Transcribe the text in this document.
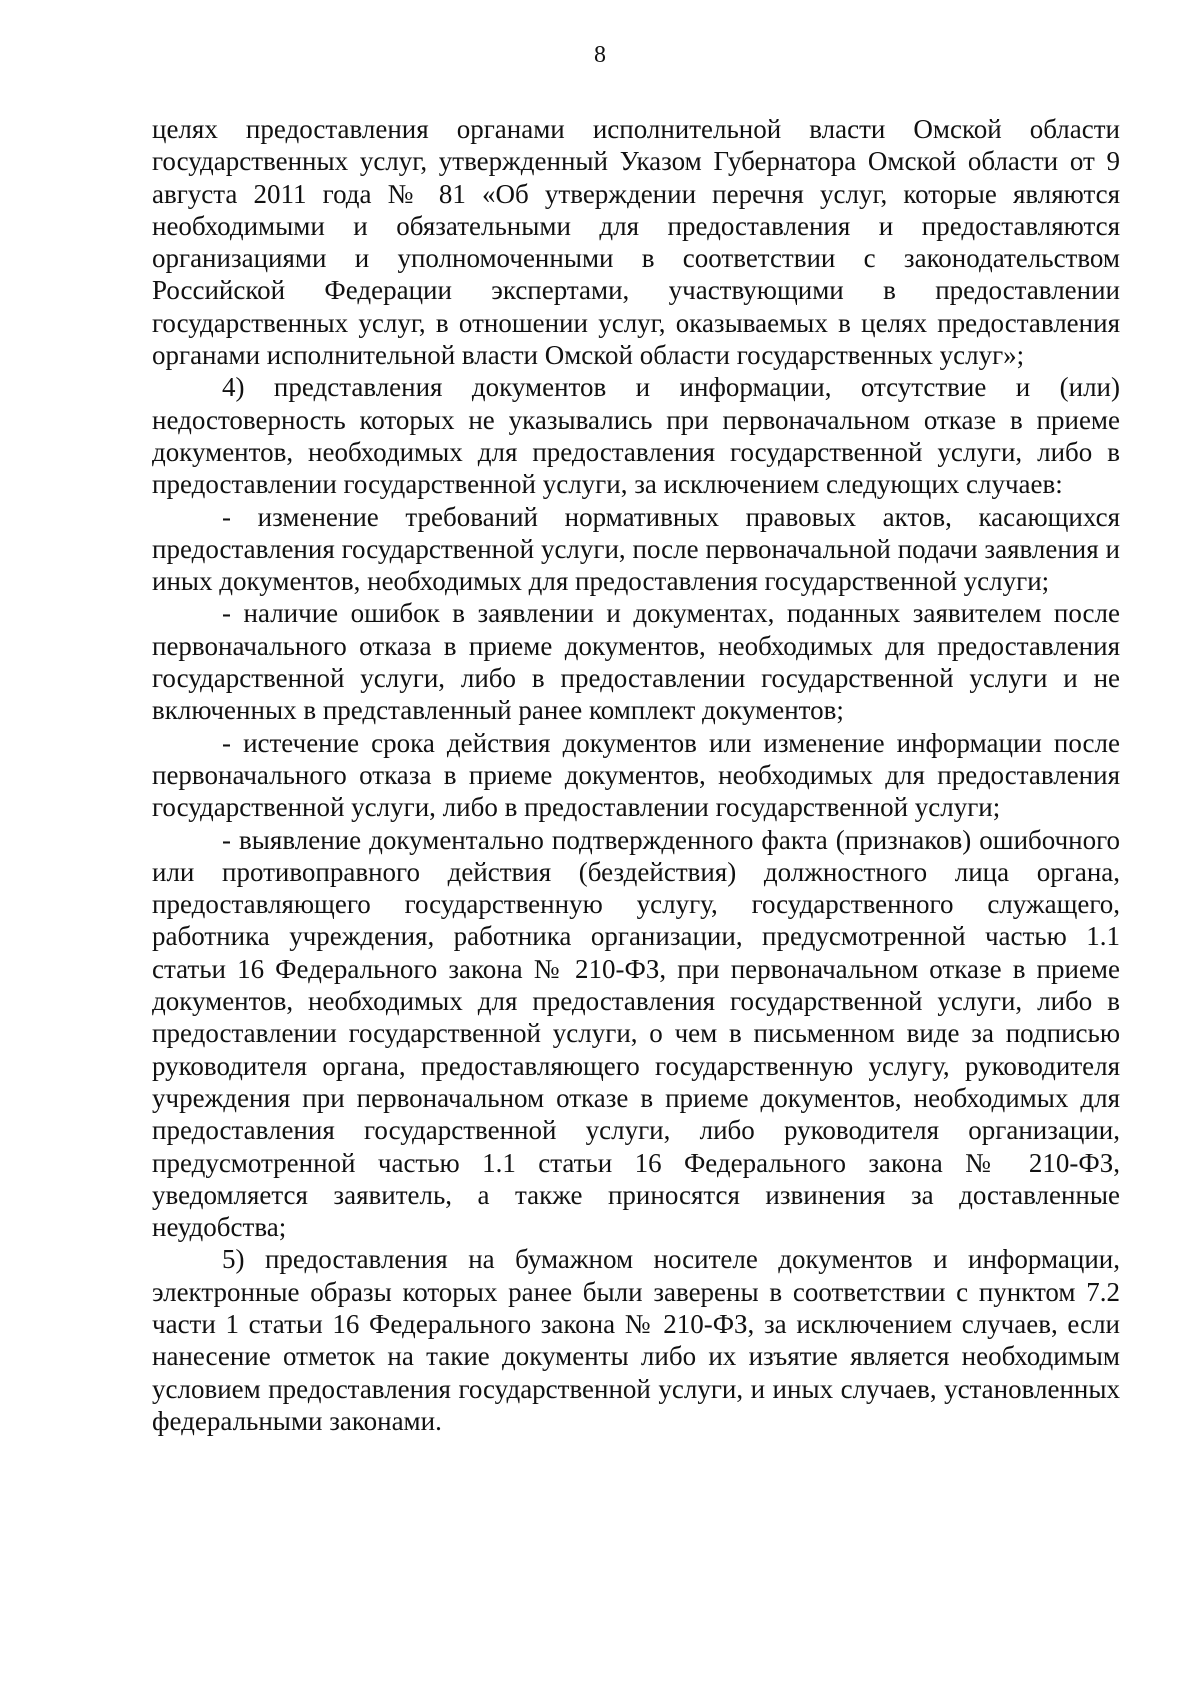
8

целях предоставления органами исполнительной власти Омской области государственных услуг, утвержденный Указом Губернатора Омской области от 9 августа 2011 года № 81 «Об утверждении перечня услуг, которые являются необходимыми и обязательными для предоставления и предоставляются организациями и уполномоченными в соответствии с законодательством Российской Федерации экспертами, участвующими в предоставлении государственных услуг, в отношении услуг, оказываемых в целях предоставления органами исполнительной власти Омской области государственных услуг»;

4) представления документов и информации, отсутствие и (или) недостоверность которых не указывались при первоначальном отказе в приеме документов, необходимых для предоставления государственной услуги, либо в предоставлении государственной услуги, за исключением следующих случаев:

- изменение требований нормативных правовых актов, касающихся предоставления государственной услуги, после первоначальной подачи заявления и иных документов, необходимых для предоставления государственной услуги;

- наличие ошибок в заявлении и документах, поданных заявителем после первоначального отказа в приеме документов, необходимых для предоставления государственной услуги, либо в предоставлении государственной услуги и не включенных в представленный ранее комплект документов;

- истечение срока действия документов или изменение информации после первоначального отказа в приеме документов, необходимых для предоставления государственной услуги, либо в предоставлении государственной услуги;

- выявление документально подтвержденного факта (признаков) ошибочного или противоправного действия (бездействия) должностного лица органа, предоставляющего государственную услугу, государственного служащего, работника учреждения, работника организации, предусмотренной частью 1.1 статьи 16 Федерального закона № 210-ФЗ, при первоначальном отказе в приеме документов, необходимых для предоставления государственной услуги, либо в предоставлении государственной услуги, о чем в письменном виде за подписью руководителя органа, предоставляющего государственную услугу, руководителя учреждения при первоначальном отказе в приеме документов, необходимых для предоставления государственной услуги, либо руководителя организации, предусмотренной частью 1.1 статьи 16 Федерального закона № 210-ФЗ, уведомляется заявитель, а также приносятся извинения за доставленные неудобства;

5) предоставления на бумажном носителе документов и информации, электронные образы которых ранее были заверены в соответствии с пунктом 7.2 части 1 статьи 16 Федерального закона № 210-ФЗ, за исключением случаев, если нанесение отметок на такие документы либо их изъятие является необходимым условием предоставления государственной услуги, и иных случаев, установленных федеральными законами.
